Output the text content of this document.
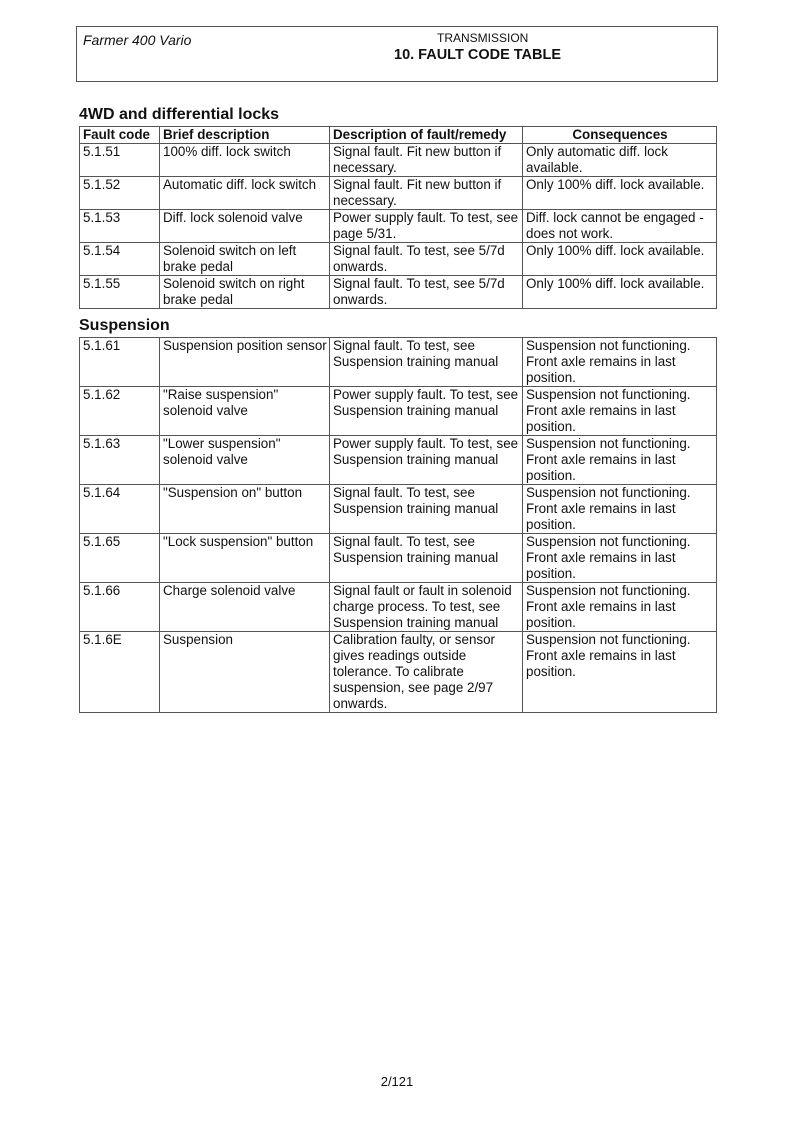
Farmer 400 Vario	TRANSMISSION
10. FAULT CODE TABLE
4WD and differential locks
Fault code	Brief description	Description of fault/remedy	Consequences
5.1.51	100% diff. lock switch	Signal fault. Fit new button if necessary.	Only automatic diff. lock available.
5.1.52	Automatic diff. lock switch	Signal fault. Fit new button if necessary.	Only 100% diff. lock available.
5.1.53	Diff. lock solenoid valve	Power supply fault. To test, see page 5/31.	Diff. lock cannot be engaged - does not work.
5.1.54	Solenoid switch on left brake pedal	Signal fault. To test, see 5/7d onwards.	Only 100% diff. lock available.
5.1.55	Solenoid switch on right brake pedal	Signal fault. To test, see 5/7d onwards.	Only 100% diff. lock available.
Suspension
5.1.61	Suspension position sensor	Signal fault. To test, see Suspension training manual	Suspension not functioning. Front axle remains in last position.
5.1.62	"Raise suspension" solenoid valve	Power supply fault. To test, see Suspension training manual	Suspension not functioning. Front axle remains in last position.
5.1.63	"Lower suspension" solenoid valve	Power supply fault. To test, see Suspension training manual	Suspension not functioning. Front axle remains in last position.
5.1.64	"Suspension on" button	Signal fault. To test, see Suspension training manual	Suspension not functioning. Front axle remains in last position.
5.1.65	"Lock suspension" button	Signal fault. To test, see Suspension training manual	Suspension not functioning. Front axle remains in last position.
5.1.66	Charge solenoid valve	Signal fault or fault in solenoid charge process. To test, see Suspension training manual	Suspension not functioning. Front axle remains in last position.
5.1.6E	Suspension	Calibration faulty, or sensor gives readings outside tolerance. To calibrate suspension, see page 2/97 onwards.	Suspension not functioning. Front axle remains in last position.
2/121
